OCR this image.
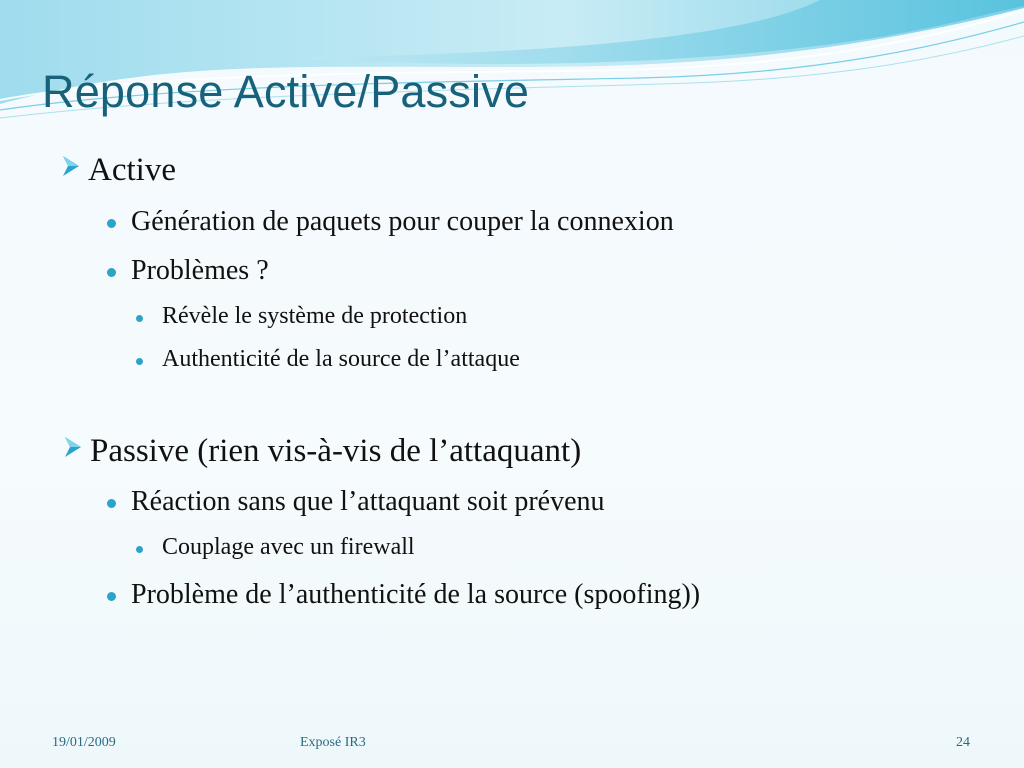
Réponse Active/Passive
Active
Génération de paquets pour couper la connexion
Problèmes ?
Révèle le système de protection
Authenticité de la source de l’attaque
Passive (rien vis-à-vis de l’attaquant)
Réaction sans que l’attaquant soit prévenu
Couplage avec un firewall
Problème de l’authenticité de la source (spoofing))
19/01/2009	Exposé IR3	24
